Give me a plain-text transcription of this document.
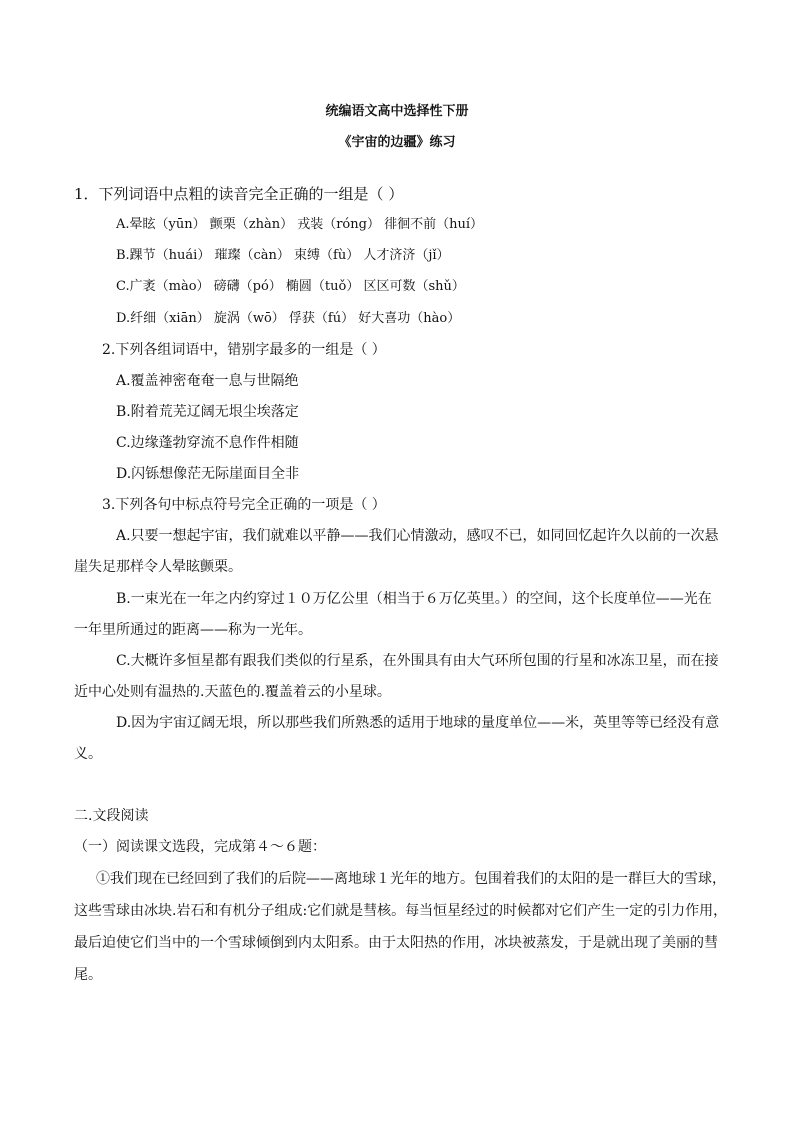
统编语文高中选择性下册
《宇宙的边疆》练习
1．下列词语中点粗的读音完全正确的一组是（ ）
A.晕眩（yūn） 颤栗（zhàn） 戎装（róng） 徘徊不前（huí）
B.踝节（huái） 璀璨（càn） 束缚（fù） 人才济济（jǐ）
C.广袤（mào） 磅礴（pó） 椭圆（tuǒ） 区区可数（shǔ）
D.纤细（xiān） 旋涡（wō） 俘获（fú） 好大喜功（hào）
2.下列各组词语中，错别字最多的一组是（ ）
A.覆盖神密奄奄一息与世隔绝
B.附着荒芜辽阔无垠尘埃落定
C.边缘蓬勃穿流不息作件相随
D.闪铄想像茫无际崖面目全非
3.下列各句中标点符号完全正确的一项是（ ）
A.只要一想起宇宙，我们就难以平静——我们心情激动，感叹不已，如同回忆起许久以前的一次悬
崖失足那样令人晕眩颤栗。
B.一束光在一年之内约穿过１０万亿公里（相当于６万亿英里。）的空间，这个长度单位——光在
一年里所通过的距离——称为一光年。
C.大概许多恒星都有跟我们类似的行星系，在外围具有由大气环所包围的行星和冰冻卫星，而在接
近中心处则有温热的.天蓝色的.覆盖着云的小星球。
D.因为宇宙辽阔无垠，所以那些我们所熟悉的适用于地球的量度单位——米，英里等等已经没有意
义。
二.文段阅读
（一）阅读课文选段，完成第４～６题：
①我们现在已经回到了我们的后院——离地球１光年的地方。包围着我们的太阳的是一群巨大的雪球，
这些雪球由冰块.岩石和有机分子组成:它们就是彗核。每当恒星经过的时候都对它们产生一定的引力作用，
最后迫使它们当中的一个雪球倾倒到内太阳系。由于太阳热的作用，冰块被蒸发，于是就出现了美丽的彗
尾。
